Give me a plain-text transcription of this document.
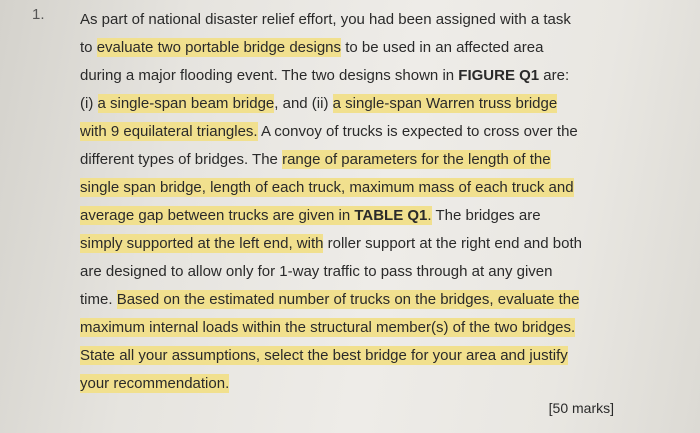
1. As part of national disaster relief effort, you had been assigned with a task
to evaluate two portable bridge designs to be used in an affected area
during a major flooding event. The two designs shown in FIGURE Q1 are:
(i) a single-span beam bridge, and (ii) a single-span Warren truss bridge
with 9 equilateral triangles. A convoy of trucks is expected to cross over the
different types of bridges. The range of parameters for the length of the
single span bridge, length of each truck, maximum mass of each truck and
average gap between trucks are given in TABLE Q1. The bridges are
simply supported at the left end, with roller support at the right end and both
are designed to allow only for 1-way traffic to pass through at any given
time. Based on the estimated number of trucks on the bridges, evaluate the
maximum internal loads within the structural member(s) of the two bridges.
State all your assumptions, select the best bridge for your area and justify
your recommendation.
[50 marks]
